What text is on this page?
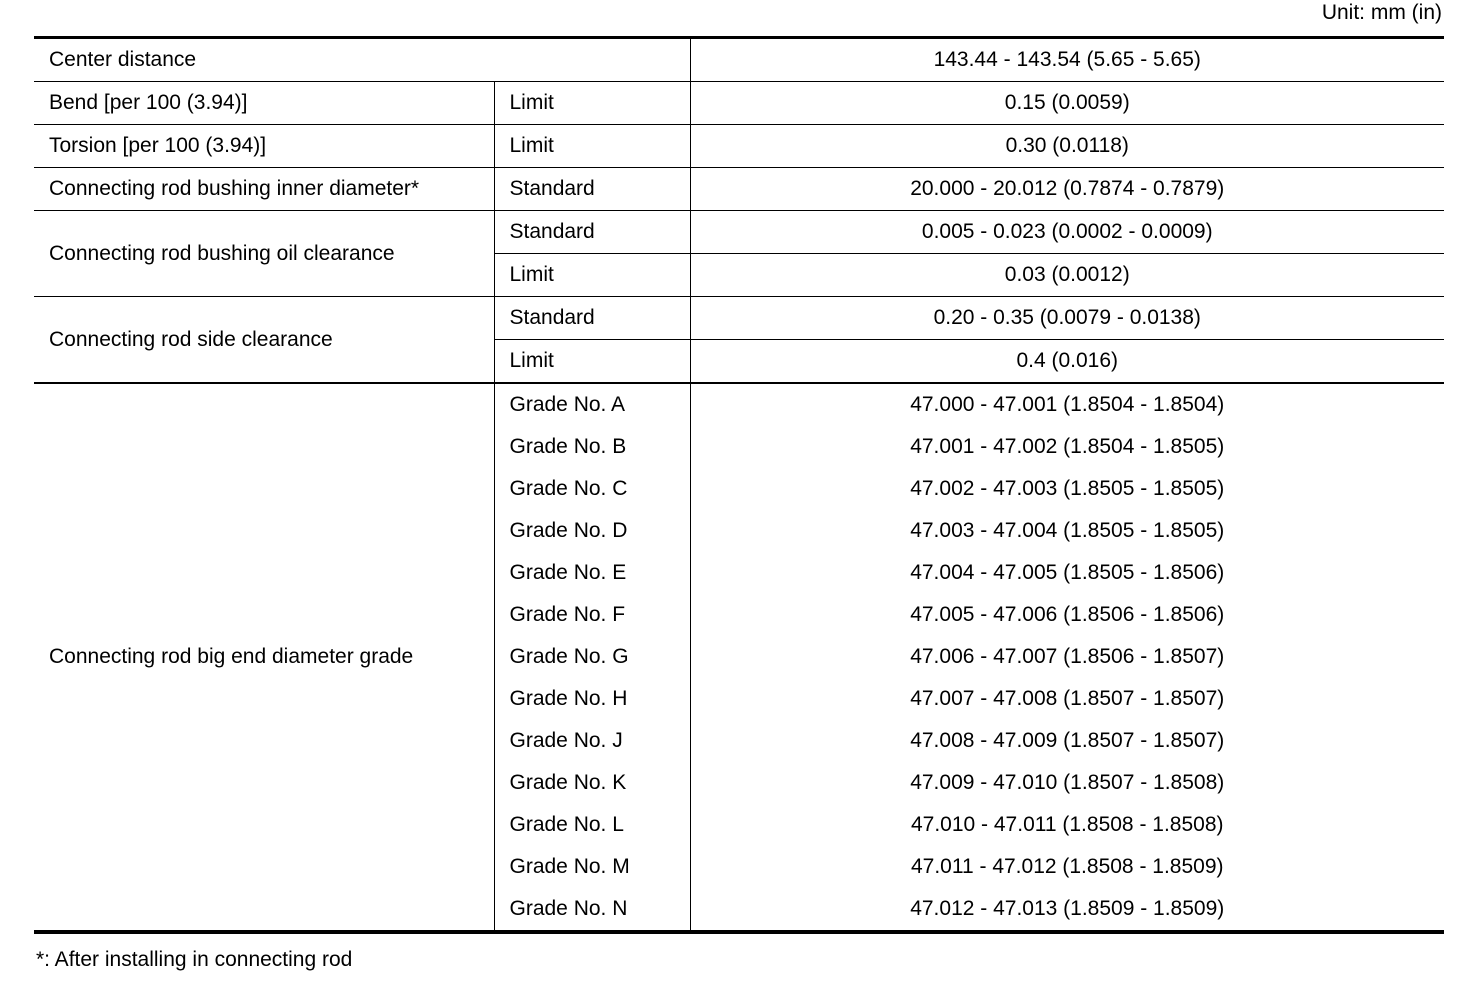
Unit: mm (in)
Center distance		143.44 - 143.54 (5.65 - 5.65)
Bend [per 100 (3.94)]	Limit	0.15 (0.0059)
Torsion [per 100 (3.94)]	Limit	0.30 (0.0118)
Connecting rod bushing inner diameter*	Standard	20.000 - 20.012 (0.7874 - 0.7879)
Connecting rod bushing oil clearance	Standard	0.005 - 0.023 (0.0002 - 0.0009)
	Limit	0.03 (0.0012)
Connecting rod side clearance	Standard	0.20 - 0.35 (0.0079 - 0.0138)
	Limit	0.4 (0.016)
Connecting rod big end diameter grade	Grade No. A	47.000 - 47.001 (1.8504 - 1.8504)
	Grade No. B	47.001 - 47.002 (1.8504 - 1.8505)
	Grade No. C	47.002 - 47.003 (1.8505 - 1.8505)
	Grade No. D	47.003 - 47.004 (1.8505 - 1.8505)
	Grade No. E	47.004 - 47.005 (1.8505 - 1.8506)
	Grade No. F	47.005 - 47.006 (1.8506 - 1.8506)
	Grade No. G	47.006 - 47.007 (1.8506 - 1.8507)
	Grade No. H	47.007 - 47.008 (1.8507 - 1.8507)
	Grade No. J	47.008 - 47.009 (1.8507 - 1.8507)
	Grade No. K	47.009 - 47.010 (1.8507 - 1.8508)
	Grade No. L	47.010 - 47.011 (1.8508 - 1.8508)
	Grade No. M	47.011 - 47.012 (1.8508 - 1.8509)
	Grade No. N	47.012 - 47.013 (1.8509 - 1.8509)
*: After installing in connecting rod
